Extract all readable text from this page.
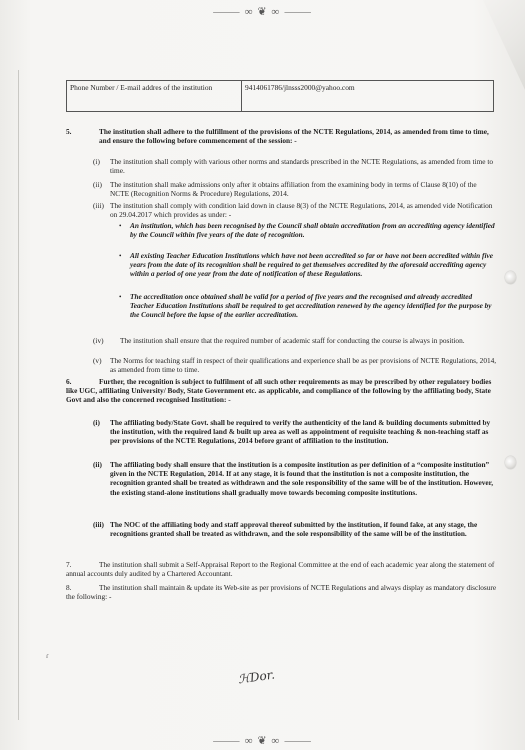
⸻ ∞ ❦ ∞ ⸻
Phone Number / E-mail addres of the institution	9414061786/jlnsss2000@yahoo.com
5.	The institution shall adhere to the fulfillment of the provisions of the NCTE Regulations, 2014, as amended from time to time, and ensure the following before commencement of the session: -
(i) The institution shall comply with various other norms and standards prescribed in the NCTE Regulations, as amended from time to time.
(ii) The institution shall make admissions only after it obtains affiliation from the examining body in terms of Clause 8(10) of the NCTE (Recognition Norms & Procedure) Regulations, 2014.
(iii) The institution shall comply with condition laid down in clause 8(3) of the NCTE Regulations, 2014, as amended vide Notification on 29.04.2017 which provides as under: -
• An institution, which has been recognised by the Council shall obtain accreditation from an accrediting agency identified by the Council within five years of the date of recognition.
• All existing Teacher Education Institutions which have not been accredited so far or have not been accredited within five years from the date of its recognition shall be required to get themselves accredited by the aforesaid accrediting agency within a period of one year from the date of notification of these Regulations.
• The accreditation once obtained shall be valid for a period of five years and the recognised and already accredited Teacher Education Institutions shall be required to get accreditation renewed by the agency identified for the purpose by the Council before the lapse of the earlier accreditation.
(iv) The institution shall ensure that the required number of academic staff for conducting the course is always in position.
(v) The Norms for teaching staff in respect of their qualifications and experience shall be as per provisions of NCTE Regulations, 2014, as amended from time to time.
6.	Further, the recognition is subject to fulfilment of all such other requirements as may be prescribed by other regulatory bodies like UGC, affiliating University/ Body, State Government etc. as applicable, and compliance of the following by the affiliating body, State Govt and also the concerned recognised Institution: -
(i) The affiliating body/State Govt. shall be required to verify the authenticity of the land & building documents submitted by the institution, with the required land & built up area as well as appointment of requisite teaching & non-teaching staff as per provisions of the NCTE Regulations, 2014 before grant of affiliation to the institution.
(ii) The affiliating body shall ensure that the institution is a composite institution as per definition of a “composite institution” given in the NCTE Regulation, 2014. If at any stage, it is found that the institution is not a composite institution, the recognition granted shall be treated as withdrawn and the sole responsibility of the same will be of the institution. However, the existing stand-alone institutions shall gradually move towards becoming composite institutions.
(iii) The NOC of the affiliating body and staff approval thereof submitted by the institution, if found fake, at any stage, the recognitions granted shall be treated as withdrawn, and the sole responsibility of the same will be of the institution.
7.	The institution shall submit a Self-Appraisal Report to the Regional Committee at the end of each academic year along the statement of annual accounts duly audited by a Chartered Accountant.
8.	The institution shall maintain & update its Web-site as per provisions of NCTE Regulations and always display as mandatory disclosure the following: -
ɾ
ℋDor.
⸻ ∞ ❦ ∞ ⸻
